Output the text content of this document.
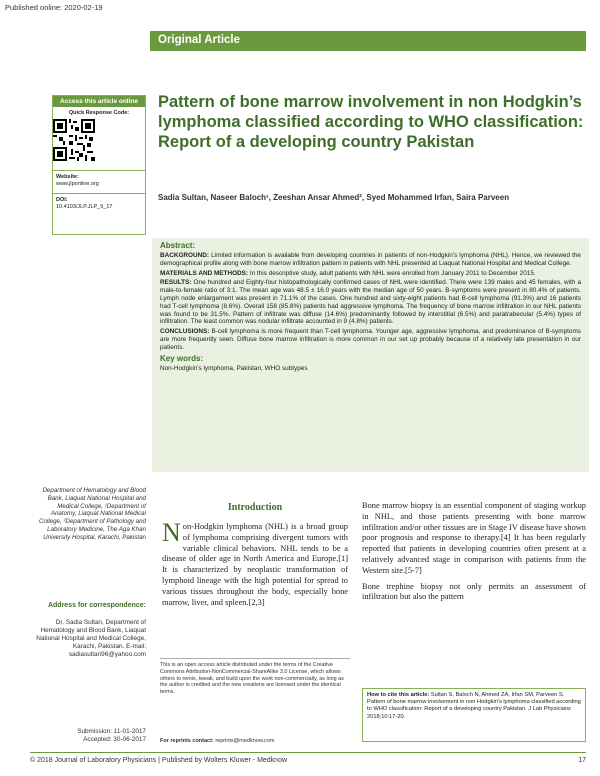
Published online: 2020-02-19
Original Article
Access this article online
Quick Response Code:
Website:
www.jlponline.org
DOI:
10.4103/JLP.JLP_9_17
Pattern of bone marrow involvement in non Hodgkin’s lymphoma classified according to WHO classification: Report of a developing country Pakistan
Sadia Sultan, Naseer Baloch¹, Zeeshan Ansar Ahmed², Syed Mohammed Irfan, Saira Parveen
Abstract:

BACKGROUND: Limited information is available from developing countries in patients of non-Hodgkin's lymphoma (NHL). Hence, we reviewed the demographical profile along with bone marrow infiltration pattern in patients with NHL presented at Liaquat National Hospital and Medical College.

MATERIALS AND METHODS: In this descriptive study, adult patients with NHL were enrolled from January 2011 to December 2015.

RESULTS: One hundred and Eighty-four histopathologically confirmed cases of NHL were identified. There were 139 males and 45 females, with a male-to-female ratio of 3:1. The mean age was 48.5 ± 16.0 years with the median age of 50 years. B-symptoms were present in 80.4% of patients. Lymph node enlargement was present in 71.1% of the cases. One hundred and sixty-eight patients had B-cell lymphoma (91.3%) and 16 patients had T-cell lymphoma (8.6%). Overall 158 (85.8%) patients had aggressive lymphoma. The frequency of bone marrow infiltration in our NHL patients was found to be 31.5%. Pattern of infiltrate was diffuse (14.6%) predominantly followed by interstitial (6.5%) and paratrabecular (5.4%) types of infiltration. The least common was nodular infiltrate accounted in 9 (4.8%) patients.

CONCLUSIONS: B-cell lymphoma is more frequent than T-cell lymphoma. Younger age, aggressive lymphoma, and predominance of B-symptoms are more frequently seen. Diffuse bone marrow infiltration is more common in our set up probably because of a relatively late presentation in our patients.

Key words:
Non-Hodgkin's lymphoma, Pakistan, WHO subtypes
Department of Hematology and Blood Bank, Liaquat National Hospital and Medical College, ¹Department of Anatomy, Liaquat National Medical College, ²Department of Pathology and Laboratory Medicine, The Aga Khan University Hospital, Karachi, Pakistan
Address for correspondence:
Dr. Sadia Sultan, Department of Hematology and Blood Bank, Liaquat National Hospital and Medical College, Karachi, Pakistan. E-mail: sadiasultan96@yahoo.com
Submission: 11-01-2017
Accepted: 30-06-2017
Introduction

Non-Hodgkin lymphoma (NHL) is a broad group of lymphoma comprising divergent tumors with variable clinical behaviors. NHL tends to be a disease of older age in North America and Europe.[1] It is characterized by neoplastic transformation of lymphoid lineage with the high potential for spread to various tissues throughout the body, especially bone marrow, liver, and spleen.[2,3]

Bone marrow biopsy is an essential component of staging workup in NHL, and those patients presenting with bone marrow infiltration and/or other tissues are in Stage IV disease have shown poor prognosis and response to therapy.[4] It has been regularly reported that patients in developing countries often present at a relatively advanced stage in comparison with patients from the Western site.[5-7]

Bone trephine biopsy not only permits an assessment of infiltration but also the pattern

This is an open access article distributed under the terms of the Creative Commons Attribution-NonCommercial-ShareAlike 3.0 License, which allows others to remix, tweak, and build upon the work non-commercially, as long as the author is credited and the new creations are licensed under the identical terms.
For reprints contact: reprints@medknow.com
How to cite this article: Sultan S, Baloch N, Ahmed ZA, Irfan SM, Parveen S. Pattern of bone marrow involvement in non Hodgkin's lymphoma classified according to WHO classification: Report of a developing country Pakistan. J Lab Physicians 2018;10:17-20.
© 2018 Journal of Laboratory Physicians | Published by Wolters Kluwer - Medknow	17
